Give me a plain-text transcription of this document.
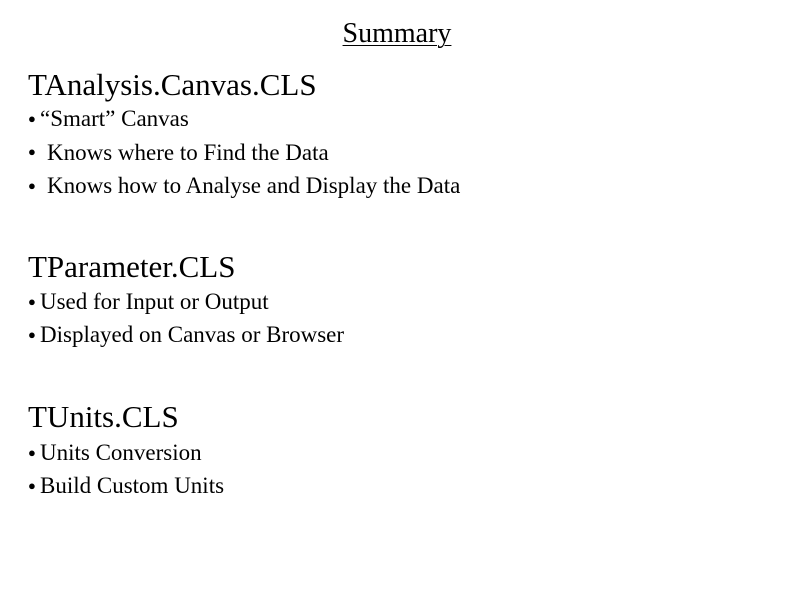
Summary
TAnalysis.Canvas.CLS
● “Smart” Canvas
● Knows where to Find the Data
● Knows how to Analyse and Display the Data
TParameter.CLS
● Used for Input or Output
● Displayed on Canvas or Browser
TUnits.CLS
● Units Conversion
● Build Custom Units
